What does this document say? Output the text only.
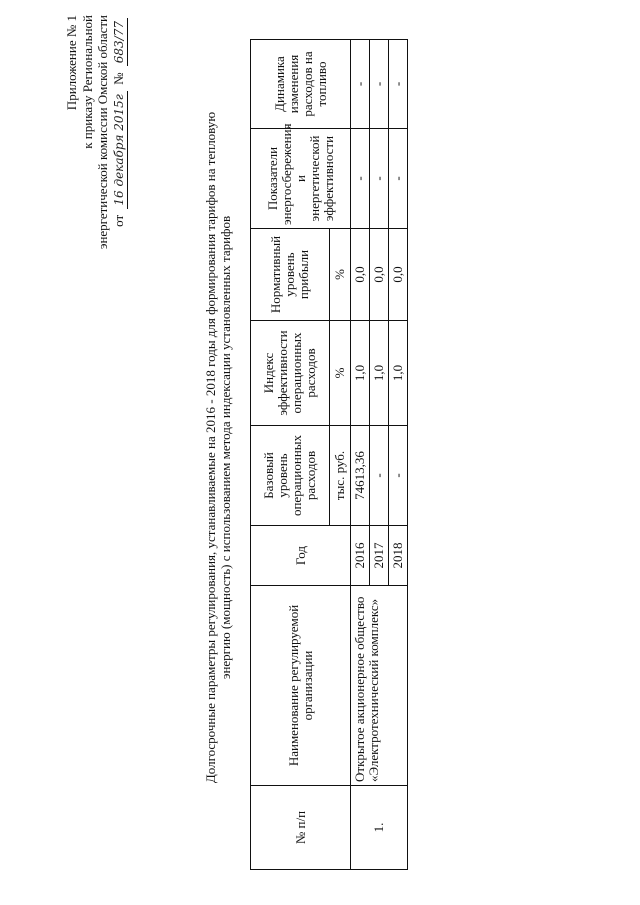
Приложение № 1 к приказу Региональной энергетической комиссии Омской области от 16 декабря 2015г № 683/77
Долгосрочные параметры регулирования, устанавливаемые на 2016 - 2018 годы для формирования тарифов на тепловую энергию (мощность) с использованием метода индексации установленных тарифов
№ п/п	Наименование регулируемой организации	Год	Базовый уровень операционных расходов	Индекс эффективности операционных расходов	Нормативный уровень прибыли	Показатели энергосбережения и энергетической эффективности	Динамика изменения расходов на топливо
			тыс. руб.	%	%		
1.	Открытое акционерное общество «Электротехнический комплекс»	2016	74613,36	1,0	0,0	-	-
		2017	-	1,0	0,0	-	-
		2018	-	1,0	0,0	-	-
